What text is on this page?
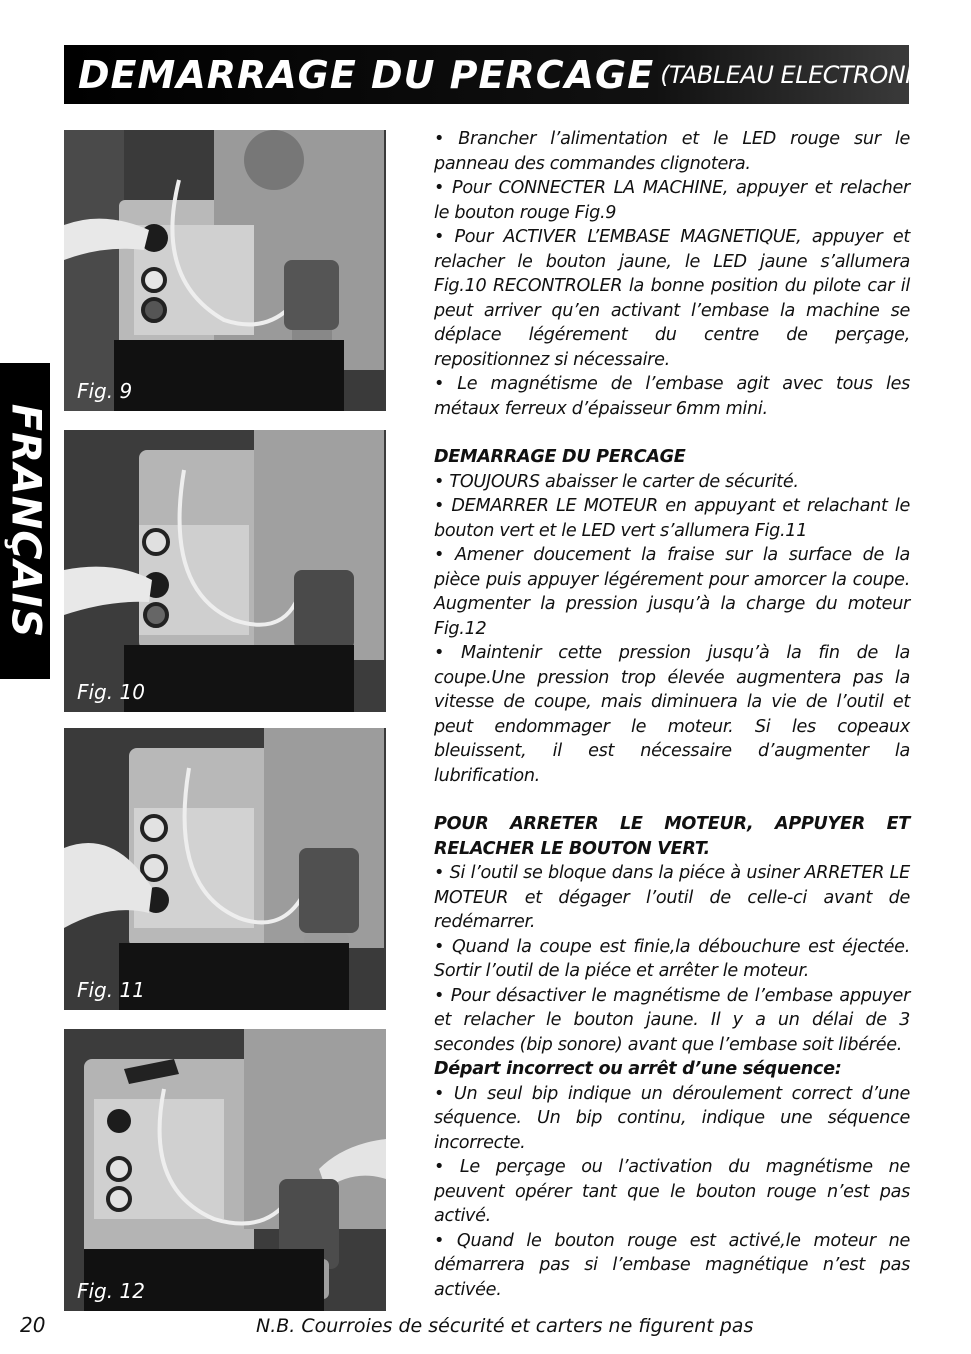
DEMARRAGE DU PERCAGE (TABLEAU ELECTRONIQUE)
FRANÇAIS
Fig. 9
Fig. 10
Fig. 11
Fig. 12

• Brancher l’alimentation et le LED rouge sur le panneau des commandes clignotera.

• Pour CONNECTER LA MACHINE, appuyer et relacher le bouton rouge Fig.9

• Pour ACTIVER L’EMBASE MAGNETIQUE, appuyer et relacher le bouton jaune, le LED jaune s’allumera Fig.10 RECONTROLER la bonne position du pilote car il peut arriver qu’en activant l’embase la machine se déplace légérement du centre de perçage, repositionnez si nécessaire.

• Le magnétisme de l’embase agit avec tous les métaux ferreux d’épaisseur 6mm mini.

DEMARRAGE DU PERCAGE

• TOUJOURS abaisser le carter de sécurité.

• DEMARRER LE MOTEUR en appuyant et relachant le bouton vert et le LED vert s’allumera Fig.11

• Amener doucement la fraise sur la surface de la pièce puis appuyer légérement pour amorcer la coupe. Augmenter la pression jusqu’à la charge du moteur Fig.12

• Maintenir cette pression jusqu’à la fin de la coupe.Une pression trop élevée augmentera pas la vitesse de coupe, mais diminuera la vie de l’outil et peut endommager le moteur. Si les copeaux bleuissent, il est nécessaire d’augmenter la lubrification.

POUR ARRETER LE MOTEUR, APPUYER ET RELACHER LE BOUTON VERT.

• Si l’outil se bloque dans la piéce à usiner ARRETER LE MOTEUR et dégager l’outil de celle-ci avant de redémarrer.

• Quand la coupe est finie,la débouchure est éjectée. Sortir l’outil de la piéce et arrêter le moteur.

• Pour désactiver le magnétisme de l’embase appuyer et relacher le bouton jaune. Il y a un délai de 3 secondes (bip sonore) avant que l’embase soit libérée.

Départ incorrect ou arrêt d’une séquence:

• Un seul bip indique un déroulement correct d’une séquence. Un bip continu, indique une séquence incorrecte.

• Le perçage ou l’activation du magnétisme ne peuvent opérer tant que le bouton rouge n’est pas activé.

• Quand le bouton rouge est activé,le moteur ne démarrera pas si l’embase magnétique n’est pas activée.

20	N.B. Courroies de sécurité et carters ne figurent pas
